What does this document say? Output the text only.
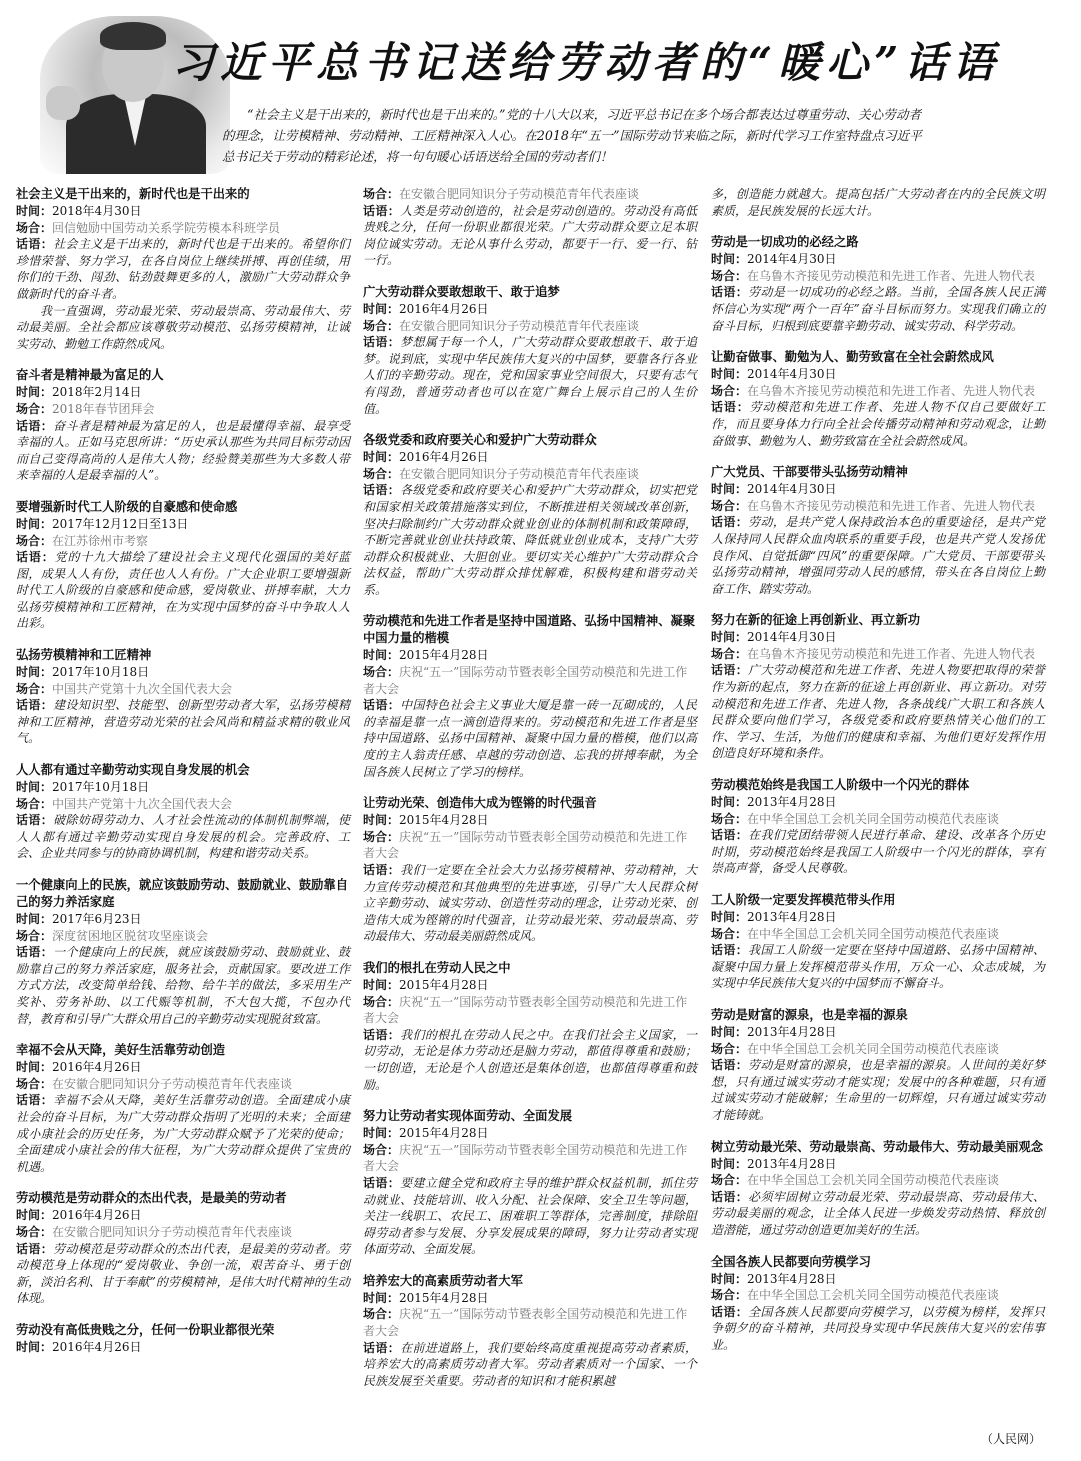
习近平总书记送给劳动者的“暖心”话语
“社会主义是干出来的，新时代也是干出来的。”党的十八大以来，习近平总书记在多个场合都表达过尊重劳动、关心劳动者的理念，让劳模精神、劳动精神、工匠精神深入人心。在2018年“五一”国际劳动节来临之际，新时代学习工作室特盘点习近平总书记关于劳动的精彩论述，将一句句暖心话语送给全国的劳动者们！
社会主义是干出来的，新时代也是干出来的
时间：2018年4月30日
场合：回信勉励中国劳动关系学院劳模本科班学员
话语：社会主义是干出来的，新时代也是干出来的。希望你们珍惜荣誉、努力学习，在各自岗位上继续拼搏、再创佳绩，用你们的干劲、闯劲、钻劲鼓舞更多的人，激励广大劳动群众争做新时代的奋斗者。

我一直强调，劳动最光荣、劳动最崇高、劳动最伟大、劳动最美丽。全社会都应该尊敬劳动模范、弘扬劳模精神，让诚实劳动、勤勉工作蔚然成风。

奋斗者是精神最为富足的人
时间：2018年2月14日
场合：2018年春节团拜会
话语：奋斗者是精神最为富足的人，也是最懂得幸福、最享受幸福的人。正如马克思所讲：“历史承认那些为共同目标劳动因而自己变得高尚的人是伟大人物；经验赞美那些为大多数人带来幸福的人是最幸福的人”。
要增强新时代工人阶级的自豪感和使命感
时间：2017年12月12日至13日
场合：在江苏徐州市考察
话语：党的十九大描绘了建设社会主义现代化强国的美好蓝图，成果人人有份，责任也人人有份。广大企业职工要增强新时代工人阶级的自豪感和使命感，爱岗敬业、拼搏奉献，大力弘扬劳模精神和工匠精神，在为实现中国梦的奋斗中争取人人出彩。
弘扬劳模精神和工匠精神
时间：2017年10月18日
场合：中国共产党第十九次全国代表大会
话语：建设知识型、技能型、创新型劳动者大军，弘扬劳模精神和工匠精神，营造劳动光荣的社会风尚和精益求精的敬业风气。
人人都有通过辛勤劳动实现自身发展的机会
时间：2017年10月18日
场合：中国共产党第十九次全国代表大会
话语：破除妨碍劳动力、人才社会性流动的体制机制弊端，使人人都有通过辛勤劳动实现自身发展的机会。完善政府、工会、企业共同参与的协商协调机制，构建和谐劳动关系。
一个健康向上的民族，就应该鼓励劳动、鼓励就业、鼓励靠自己的努力养活家庭
时间：2017年6月23日
场合：深度贫困地区脱贫攻坚座谈会
话语：一个健康向上的民族，就应该鼓励劳动、鼓励就业、鼓励靠自己的努力养活家庭，服务社会，贡献国家。要改进工作方式方法，改变简单给钱、给物、给牛羊的做法，多采用生产奖补、劳务补助、以工代赈等机制，不大包大揽，不包办代替，教育和引导广大群众用自己的辛勤劳动实现脱贫致富。
幸福不会从天降，美好生活靠劳动创造
时间：2016年4月26日
场合：在安徽合肥同知识分子劳动模范青年代表座谈
话语：幸福不会从天降，美好生活靠劳动创造。全面建成小康社会的奋斗目标，为广大劳动群众指明了光明的未来；全面建成小康社会的历史任务，为广大劳动群众赋予了光荣的使命；全面建成小康社会的伟大征程，为广大劳动群众提供了宝贵的机遇。
劳动模范是劳动群众的杰出代表，是最美的劳动者
时间：2016年4月26日
场合：在安徽合肥同知识分子劳动模范青年代表座谈
话语：劳动模范是劳动群众的杰出代表，是最美的劳动者。劳动模范身上体现的“爱岗敬业、争创一流，艰苦奋斗、勇于创新，淡泊名利、甘于奉献”的劳模精神，是伟大时代精神的生动体现。
劳动没有高低贵贱之分，任何一份职业都很光荣
时间：2016年4月26日
场合：在安徽合肥同知识分子劳动模范青年代表座谈
话语：人类是劳动创造的，社会是劳动创造的。劳动没有高低贵贱之分，任何一份职业都很光荣。广大劳动群众要立足本职岗位诚实劳动。无论从事什么劳动，都要干一行、爱一行、钻一行。
广大劳动群众要敢想敢干、敢于追梦
时间：2016年4月26日
场合：在安徽合肥同知识分子劳动模范青年代表座谈
话语：梦想属于每一个人，广大劳动群众要敢想敢干、敢于追梦。说到底，实现中华民族伟大复兴的中国梦，要靠各行各业人们的辛勤劳动。现在，党和国家事业空间很大，只要有志气有闯劲，普通劳动者也可以在宽广舞台上展示自己的人生价值。
各级党委和政府要关心和爱护广大劳动群众
时间：2016年4月26日
场合：在安徽合肥同知识分子劳动模范青年代表座谈
话语：各级党委和政府要关心和爱护广大劳动群众，切实把党和国家相关政策措施落实到位，不断推进相关领域改革创新，坚决扫除制约广大劳动群众就业创业的体制机制和政策障碍，不断完善就业创业扶持政策、降低就业创业成本，支持广大劳动群众积极就业、大胆创业。要切实关心维护广大劳动群众合法权益，帮助广大劳动群众排忧解难，积极构建和谐劳动关系。
劳动模范和先进工作者是坚持中国道路、弘扬中国精神、凝聚中国力量的楷模
时间：2015年4月28日
场合：庆祝“五一”国际劳动节暨表彰全国劳动模范和先进工作者大会
话语：中国特色社会主义事业大厦是靠一砖一瓦砌成的，人民的幸福是靠一点一滴创造得来的。劳动模范和先进工作者是坚持中国道路、弘扬中国精神、凝聚中国力量的楷模，他们以高度的主人翁责任感、卓越的劳动创造、忘我的拼搏奉献，为全国各族人民树立了学习的榜样。
让劳动光荣、创造伟大成为铿锵的时代强音
时间：2015年4月28日
场合：庆祝“五一”国际劳动节暨表彰全国劳动模范和先进工作者大会
话语：我们一定要在全社会大力弘扬劳模精神、劳动精神，大力宣传劳动模范和其他典型的先进事迹，引导广大人民群众树立辛勤劳动、诚实劳动、创造性劳动的理念，让劳动光荣、创造伟大成为铿锵的时代强音，让劳动最光荣、劳动最崇高、劳动最伟大、劳动最美丽蔚然成风。
我们的根扎在劳动人民之中
时间：2015年4月28日
场合：庆祝“五一”国际劳动节暨表彰全国劳动模范和先进工作者大会
话语：我们的根扎在劳动人民之中。在我们社会主义国家，一切劳动，无论是体力劳动还是脑力劳动，都值得尊重和鼓励；一切创造，无论是个人创造还是集体创造，也都值得尊重和鼓励。
努力让劳动者实现体面劳动、全面发展
时间：2015年4月28日
场合：庆祝“五一”国际劳动节暨表彰全国劳动模范和先进工作者大会
话语：要建立健全党和政府主导的维护群众权益机制，抓住劳动就业、技能培训、收入分配、社会保障、安全卫生等问题，关注一线职工、农民工、困难职工等群体，完善制度，排除阻碍劳动者参与发展、分享发展成果的障碍，努力让劳动者实现体面劳动、全面发展。
培养宏大的高素质劳动者大军
时间：2015年4月28日
场合：庆祝“五一”国际劳动节暨表彰全国劳动模范和先进工作者大会
话语：在前进道路上，我们要始终高度重视提高劳动者素质，培养宏大的高素质劳动者大军。劳动者素质对一个国家、一个民族发展至关重要。劳动者的知识和才能积累越
多，创造能力就越大。提高包括广大劳动者在内的全民族文明素质，是民族发展的长远大计。
劳动是一切成功的必经之路
时间：2014年4月30日
场合：在乌鲁木齐接见劳动模范和先进工作者、先进人物代表
话语：劳动是一切成功的必经之路。当前，全国各族人民正满怀信心为实现“两个一百年”奋斗目标而努力。实现我们确立的奋斗目标，归根到底要靠辛勤劳动、诚实劳动、科学劳动。
让勤奋做事、勤勉为人、勤劳致富在全社会蔚然成风
时间：2014年4月30日
场合：在乌鲁木齐接见劳动模范和先进工作者、先进人物代表
话语：劳动模范和先进工作者、先进人物不仅自己要做好工作，而且要身体力行向全社会传播劳动精神和劳动观念，让勤奋做事、勤勉为人、勤劳致富在全社会蔚然成风。
广大党员、干部要带头弘扬劳动精神
时间：2014年4月30日
场合：在乌鲁木齐接见劳动模范和先进工作者、先进人物代表
话语：劳动，是共产党人保持政治本色的重要途径，是共产党人保持同人民群众血肉联系的重要手段，也是共产党人发扬优良作风、自觉抵御“四风”的重要保障。广大党员、干部要带头弘扬劳动精神，增强同劳动人民的感情，带头在各自岗位上勤奋工作、踏实劳动。
努力在新的征途上再创新业、再立新功
时间：2014年4月30日
场合：在乌鲁木齐接见劳动模范和先进工作者、先进人物代表
话语：广大劳动模范和先进工作者、先进人物要把取得的荣誉作为新的起点，努力在新的征途上再创新业、再立新功。对劳动模范和先进工作者、先进人物，各条战线广大职工和各族人民群众要向他们学习，各级党委和政府要热情关心他们的工作、学习、生活，为他们的健康和幸福、为他们更好发挥作用创造良好环境和条件。
劳动模范始终是我国工人阶级中一个闪光的群体
时间：2013年4月28日
场合：在中华全国总工会机关同全国劳动模范代表座谈
话语：在我们党团结带领人民进行革命、建设、改革各个历史时期，劳动模范始终是我国工人阶级中一个闪光的群体，享有崇高声誉，备受人民尊敬。
工人阶级一定要发挥模范带头作用
时间：2013年4月28日
场合：在中华全国总工会机关同全国劳动模范代表座谈
话语：我国工人阶级一定要在坚持中国道路、弘扬中国精神、凝聚中国力量上发挥模范带头作用，万众一心、众志成城，为实现中华民族伟大复兴的中国梦而不懈奋斗。
劳动是财富的源泉，也是幸福的源泉
时间：2013年4月28日
场合：在中华全国总工会机关同全国劳动模范代表座谈
话语：劳动是财富的源泉，也是幸福的源泉。人世间的美好梦想，只有通过诚实劳动才能实现；发展中的各种难题，只有通过诚实劳动才能破解；生命里的一切辉煌，只有通过诚实劳动才能铸就。
树立劳动最光荣、劳动最崇高、劳动最伟大、劳动最美丽观念
时间：2013年4月28日
场合：在中华全国总工会机关同全国劳动模范代表座谈
话语：必须牢固树立劳动最光荣、劳动最崇高、劳动最伟大、劳动最美丽的观念，让全体人民进一步焕发劳动热情、释放创造潜能，通过劳动创造更加美好的生活。
全国各族人民都要向劳模学习
时间：2013年4月28日
场合：在中华全国总工会机关同全国劳动模范代表座谈
话语：全国各族人民都要向劳模学习，以劳模为榜样，发挥只争朝夕的奋斗精神，共同投身实现中华民族伟大复兴的宏伟事业。
（人民网）
